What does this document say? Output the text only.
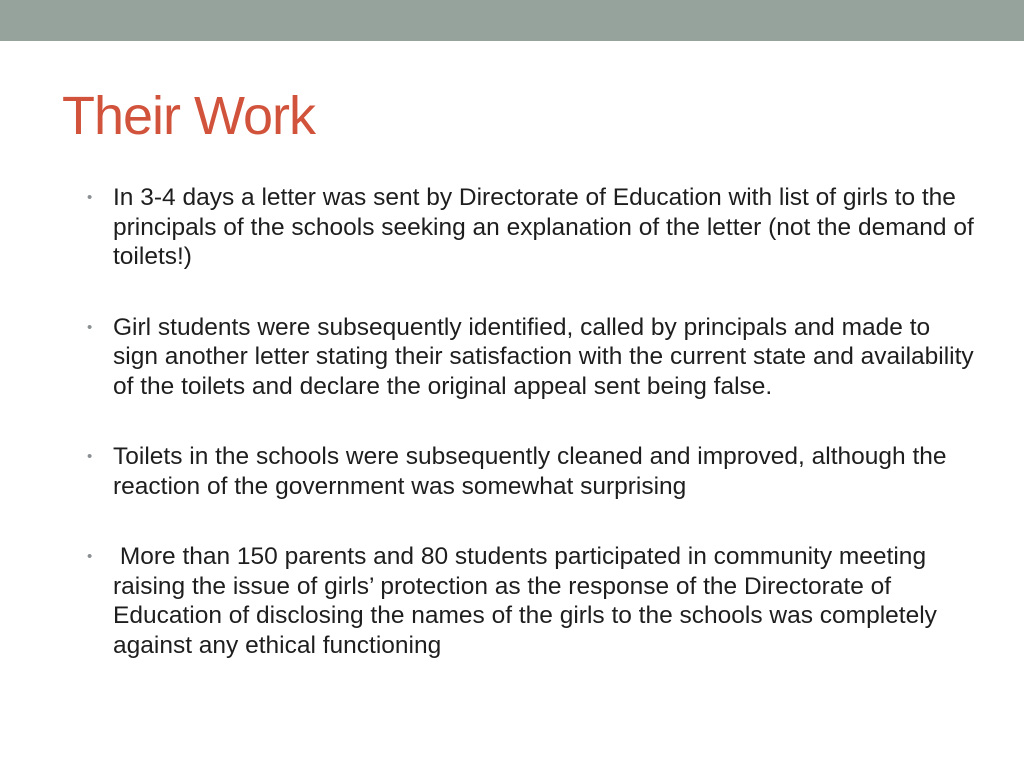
Their Work
• In 3-4 days a letter was sent by Directorate of Education with list of girls to the principals of the schools seeking an explanation of the letter (not the demand of toilets!)
• Girl students were subsequently identified, called by principals and made to sign another letter stating their satisfaction with the current state and availability of the toilets and declare the original appeal sent being false.
• Toilets in the schools were subsequently cleaned and improved, although the reaction of the government was somewhat surprising
• More than 150 parents and 80 students participated in community meeting raising the issue of girls’ protection as the response of the Directorate of Education of disclosing the names of the girls to the schools was completely against any ethical functioning
